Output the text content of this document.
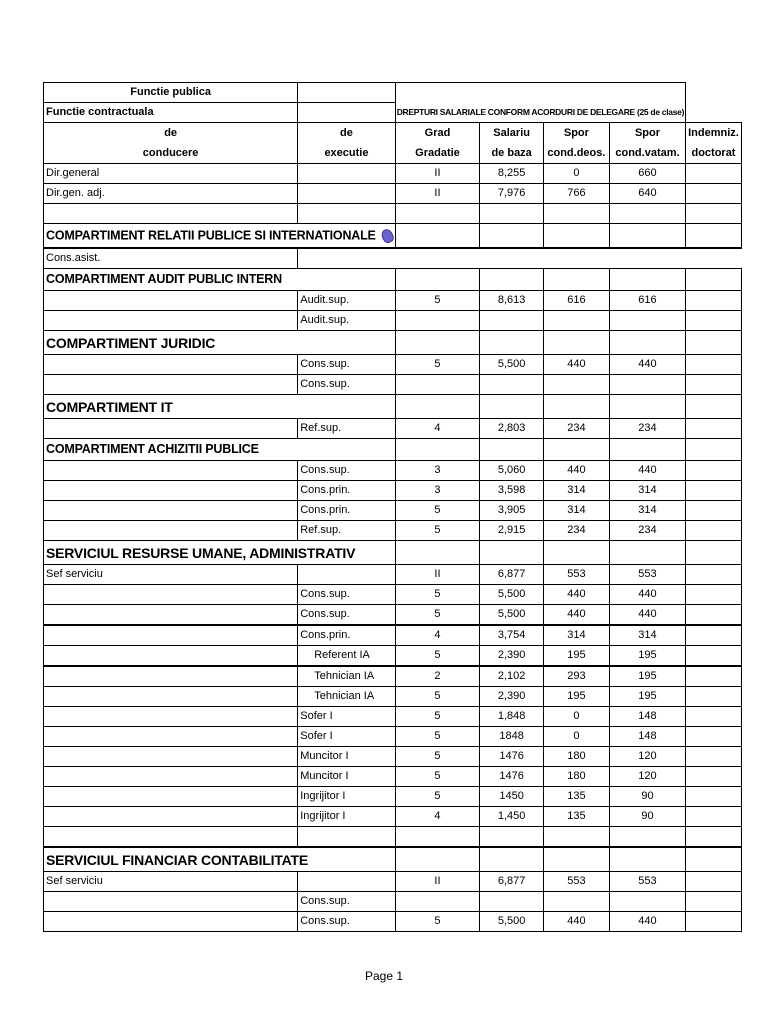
Functie publica						
Functie contractuala		DREPTURI SALARIALE CONFORM ACORDURI DE DELEGARE (25 de clase)				
de	de	Grad	Salariu	Spor	Spor	Indemniz.
conducere	executie	Gradatie	de baza	cond.deos.	cond.vatam.	doctorat
Dir.general		II	8,255	0	660	
Dir.gen. adj.		II	7,976	766	640	

COMPARTIMENT RELATII PUBLICE SI INTERNATIONALE						
Cons.asist.						
COMPARTIMENT AUDIT PUBLIC INTERN						
	Audit.sup.	5	8,613	616	616	
	Audit.sup.					
COMPARTIMENT JURIDIC						
	Cons.sup.	5	5,500	440	440	
	Cons.sup.					
COMPARTIMENT IT						
	Ref.sup.	4	2,803	234	234	
COMPARTIMENT ACHIZITII PUBLICE						
	Cons.sup.	3	5,060	440	440	
	Cons.prin.	3	3,598	314	314	
	Cons.prin.	5	3,905	314	314	
	Ref.sup.	5	2,915	234	234	
SERVICIUL RESURSE UMANE, ADMINISTRATIV						
Sef serviciu		II	6,877	553	553	
	Cons.sup.	5	5,500	440	440	
	Cons.sup.	5	5,500	440	440	
	Cons.prin.	4	3,754	314	314	
	Referent IA	5	2,390	195	195	
	Tehnician IA	2	2,102	293	195	
	Tehnician IA	5	2,390	195	195	
	Sofer I	5	1,848	0	148	
	Sofer I	5	1848	0	148	
	Muncitor I	5	1476	180	120	
	Muncitor I	5	1476	180	120	
	Ingrijitor I	5	1450	135	90	
	Ingrijitor I	4	1,450	135	90	

SERVICIUL FINANCIAR CONTABILITATE						
Sef serviciu		II	6,877	553	553	
	Cons.sup.					
	Cons.sup.	5	5,500	440	440	
Page 1
